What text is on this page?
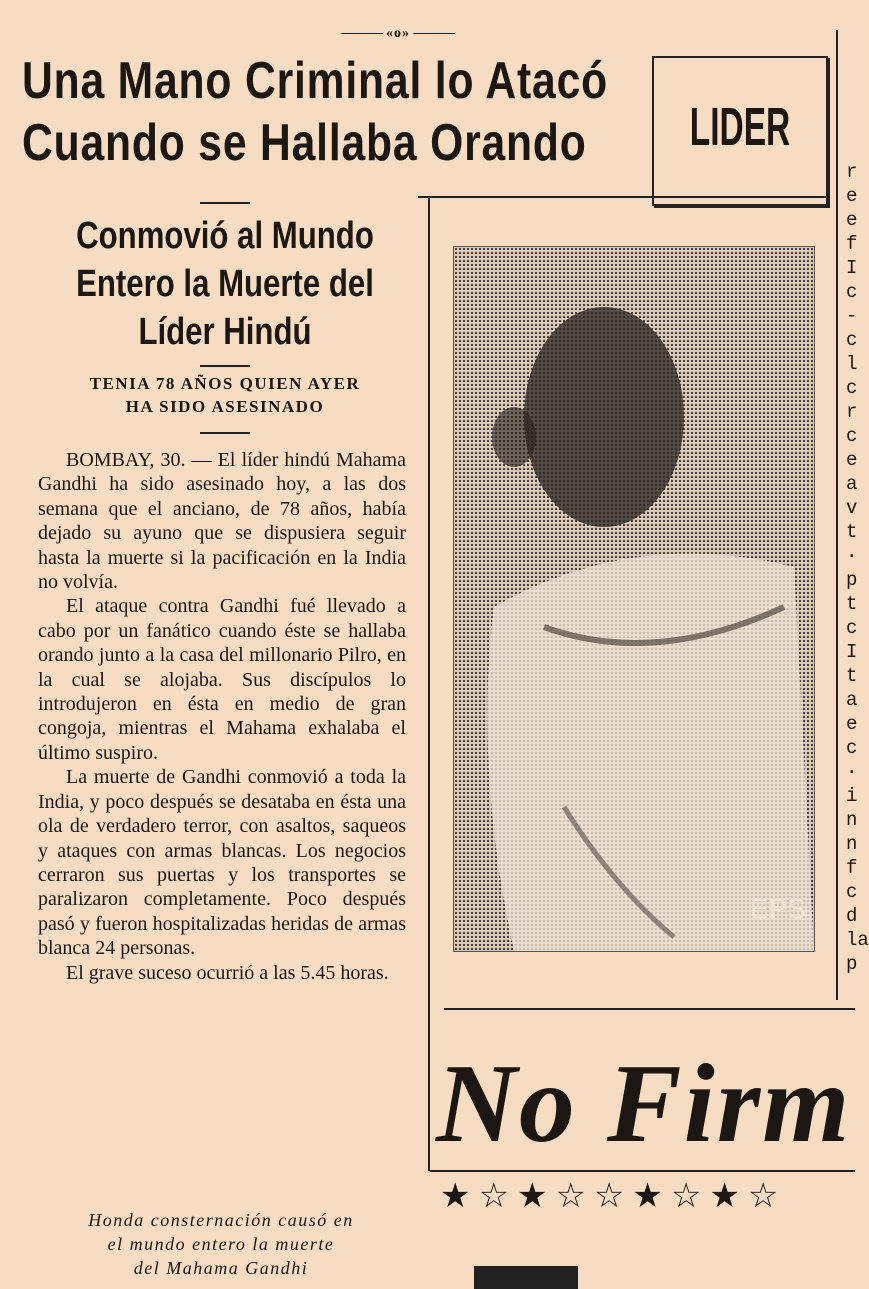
«o»
Una Mano Criminal lo Atacó
Cuando se Hallaba Orando LIDER
Conmovió al Mundo
Entero la Muerte del
Líder Hindú
TENIA 78 AÑOS QUIEN AYER
HA SIDO ASESINADO

BOMBAY, 30. — El líder hindú Mahama Gandhi ha sido asesinado hoy, a las dos semana que el anciano, de 78 años, había dejado su ayuno que se dispusiera seguir hasta la muerte si la pacificación en la India no volvía.

El ataque contra Gandhi fué llevado a cabo por un fanático cuando éste se hallaba orando junto a la casa del millonario Pilro, en la cual se alojaba. Sus discípulos lo introdujeron en ésta en medio de gran congoja, mientras el Mahama exhalaba el último suspiro.

La muerte de Gandhi conmovió a toda la India, y poco después se desataba en ésta una ola de verdadero terror, con asaltos, saqueos y ataques con armas blancas. Los negocios cerraron sus puertas y los transportes se paralizaron completamente. Poco después pasó y fueron hospitalizadas heridas de armas blanca 24 personas.

El grave suceso ocurrió a las 5.45 horas.

Honda consternación causó en
el mundo entero la muerte
del Mahama Gandhi
EPS
r e e f I c - c l c r c e a v t · p t c I t a e c · i n n f c d la p
No Firm
★☆★☆☆★☆★☆
